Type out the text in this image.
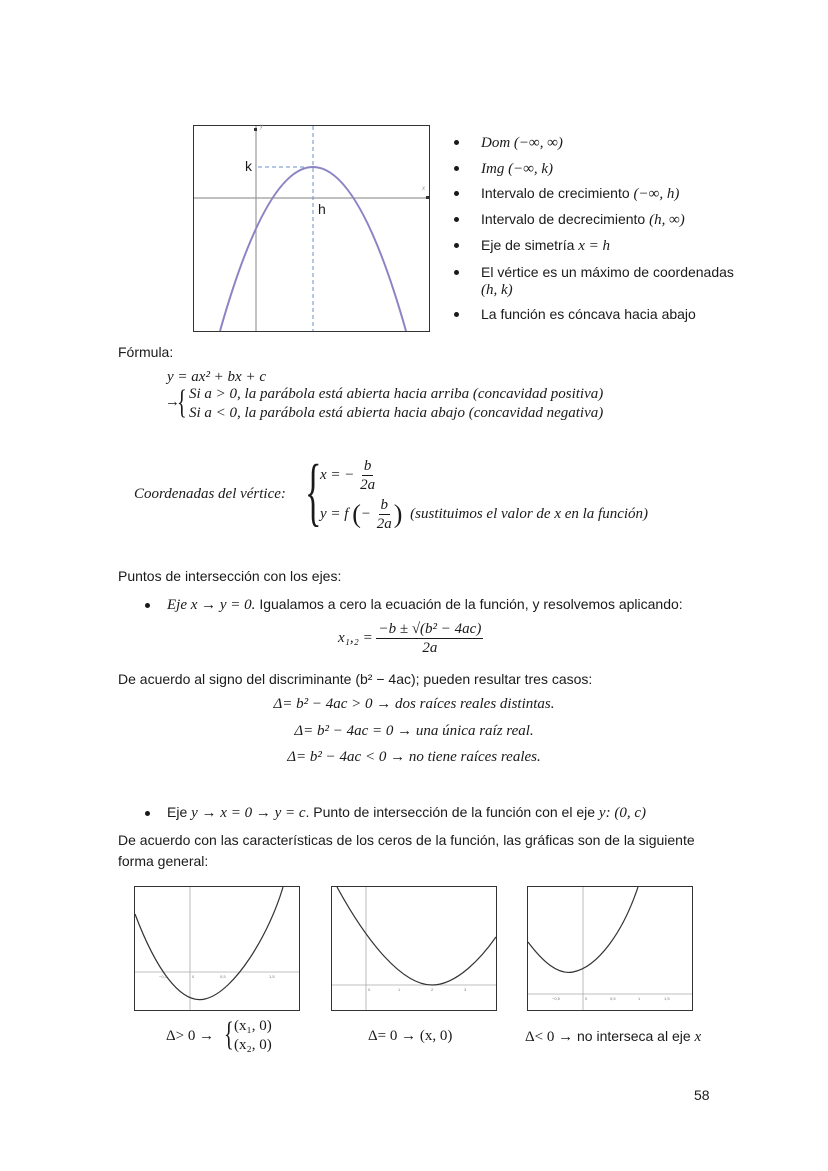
k
h
y
x
Dom (−∞, ∞)
Img (−∞, k)
Intervalo de crecimiento (−∞, h)
Intervalo de decrecimiento (h, ∞)
Eje de simetría x = h
El vértice es un máximo de coordenadas
(h, k)
La función es cóncava hacia abajo
Fórmula:
y = ax² + bx + c
→
{ Si a > 0, la parábola está abierta hacia arriba (concavidad positiva)
Si a < 0, la parábola está abierta hacia abajo (concavidad negativa)
Coordenadas del vértice: {
x = − $\frac{b}{2a}$
y = f (− $\frac{b}{2a}$ ) (sustituimos el valor de x en la función)
Puntos de intersección con los ejes:
Eje x → y = 0. Igualamos a cero la ecuación de la función, y resolvemos aplicando:
$x_1,_2 = \frac{\text{−b ± √(b² − 4ac)}}{2a}$
De acuerdo al signo del discriminante (b² − 4ac); pueden resultar tres casos:
Δ= b² − 4ac > 0 → dos raíces reales distintas.
Δ= b² − 4ac = 0 → una única raíz real.
Δ= b² − 4ac < 0 → no tiene raíces reales.
Eje y → x = 0 → y = c. Punto de intersección de la función con el eje y: (0, c)
De acuerdo con las características de los ceros de la función, las gráficas son de la siguiente
forma general:
−0,5	0	0,5	1,5
0	1	2	3
−0,5	0	0,5	1	1,5
Δ> 0 → { (x₁, 0)
(x₂, 0)
Δ= 0 → (x, 0)	Δ< 0 → no interseca al eje x
58
